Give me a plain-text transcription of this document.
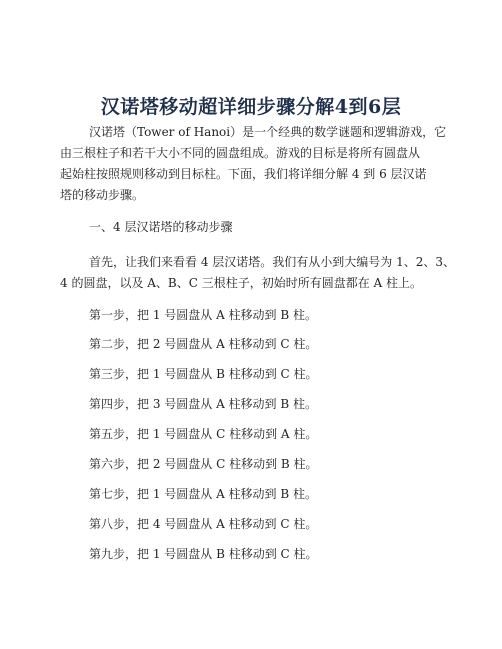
汉诺塔移动超详细步骤分解4到6层
汉诺塔（Tower of Hanoi）是一个经典的数学谜题和逻辑游戏，它
由三根柱子和若干大小不同的圆盘组成。游戏的目标是将所有圆盘从
起始柱按照规则移动到目标柱。下面，我们将详细分解 4 到 6 层汉诺
塔的移动步骤。
一、4 层汉诺塔的移动步骤
首先，让我们来看看 4 层汉诺塔。我们有从小到大编号为 1、2、3、
4 的圆盘，以及 A、B、C 三根柱子，初始时所有圆盘都在 A 柱上。
第一步，把 1 号圆盘从 A 柱移动到 B 柱。
第二步，把 2 号圆盘从 A 柱移动到 C 柱。
第三步，把 1 号圆盘从 B 柱移动到 C 柱。
第四步，把 3 号圆盘从 A 柱移动到 B 柱。
第五步，把 1 号圆盘从 C 柱移动到 A 柱。
第六步，把 2 号圆盘从 C 柱移动到 B 柱。
第七步，把 1 号圆盘从 A 柱移动到 B 柱。
第八步，把 4 号圆盘从 A 柱移动到 C 柱。
第九步，把 1 号圆盘从 B 柱移动到 C 柱。
